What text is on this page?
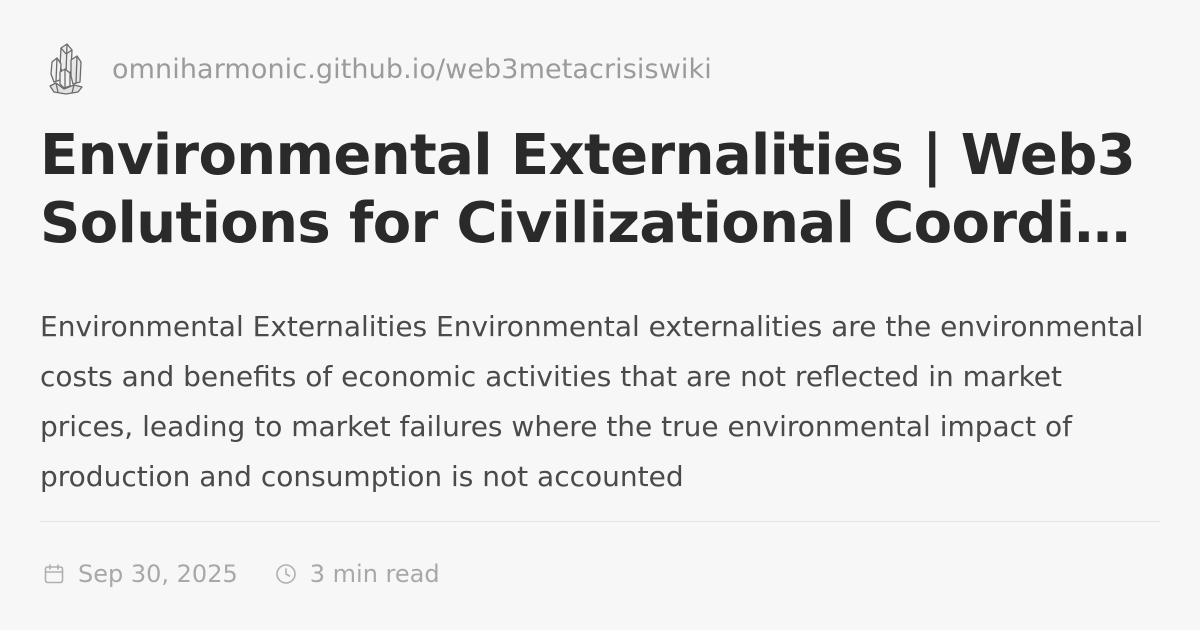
omniharmonic.github.io/web3metacrisiswiki
Environmental Externalities | Web3 Solutions for Civilizational Coordi…

Environmental Externalities Environmental externalities are the environmental costs and benefits of economic activities that are not reflected in market prices, leading to market failures where the true environmental impact of production and consumption is not accounted

Sep 30, 2025	3 min read
